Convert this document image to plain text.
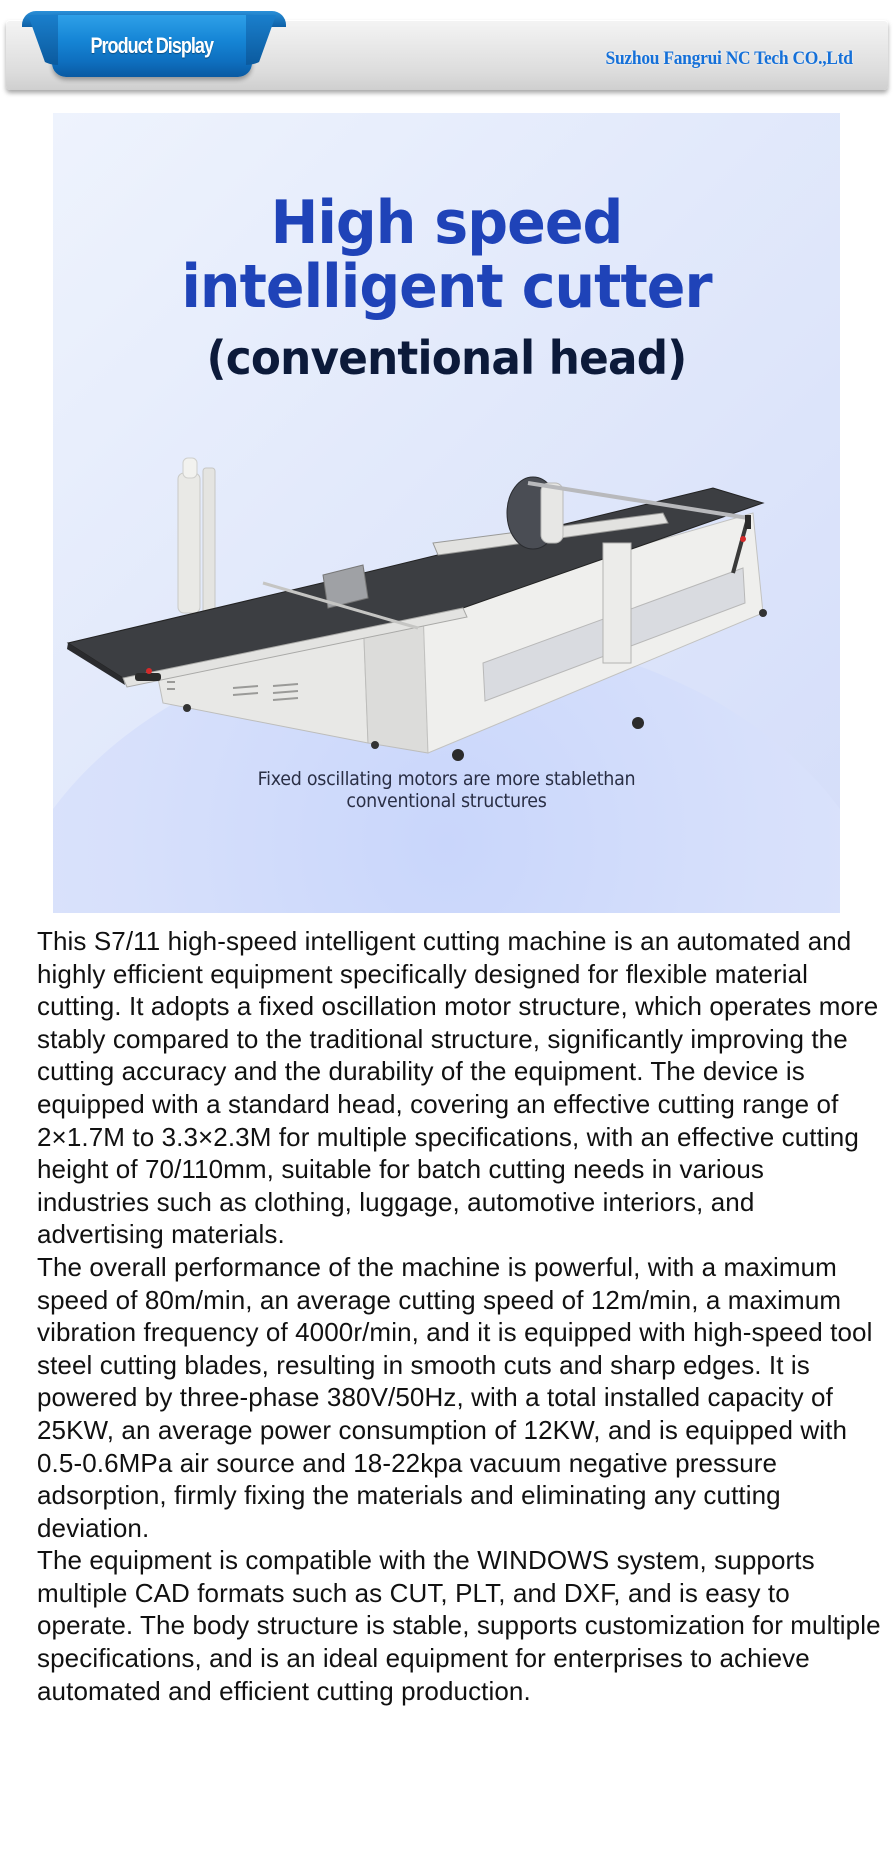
Suzhou Fangrui NC Tech CO.,Ltd
Product Display
High speed
intelligent cutter
(conventional head)
Fixed oscillating motors are more stablethan
conventional structures

This S7/11 high-speed intelligent cutting machine is an automated and highly efficient equipment specifically designed for flexible material cutting. It adopts a fixed oscillation motor structure, which operates more stably compared to the traditional structure, significantly improving the cutting accuracy and the durability of the equipment. The device is equipped with a standard head, covering an effective cutting range of 2×1.7M to 3.3×2.3M for multiple specifications, with an effective cutting height of 70/110mm, suitable for batch cutting needs in various industries such as clothing, luggage, automotive interiors, and advertising materials.

The overall performance of the machine is powerful, with a maximum speed of 80m/min, an average cutting speed of 12m/min, a maximum vibration frequency of 4000r/min, and it is equipped with high-speed tool steel cutting blades, resulting in smooth cuts and sharp edges. It is powered by three-phase 380V/50Hz, with a total installed capacity of 25KW, an average power consumption of 12KW, and is equipped with 0.5-0.6MPa air source and 18-22kpa vacuum negative pressure adsorption, firmly fixing the materials and eliminating any cutting deviation.

The equipment is compatible with the WINDOWS system, supports multiple CAD formats such as CUT, PLT, and DXF, and is easy to operate. The body structure is stable, supports customization for multiple specifications, and is an ideal equipment for enterprises to achieve automated and efficient cutting production.
